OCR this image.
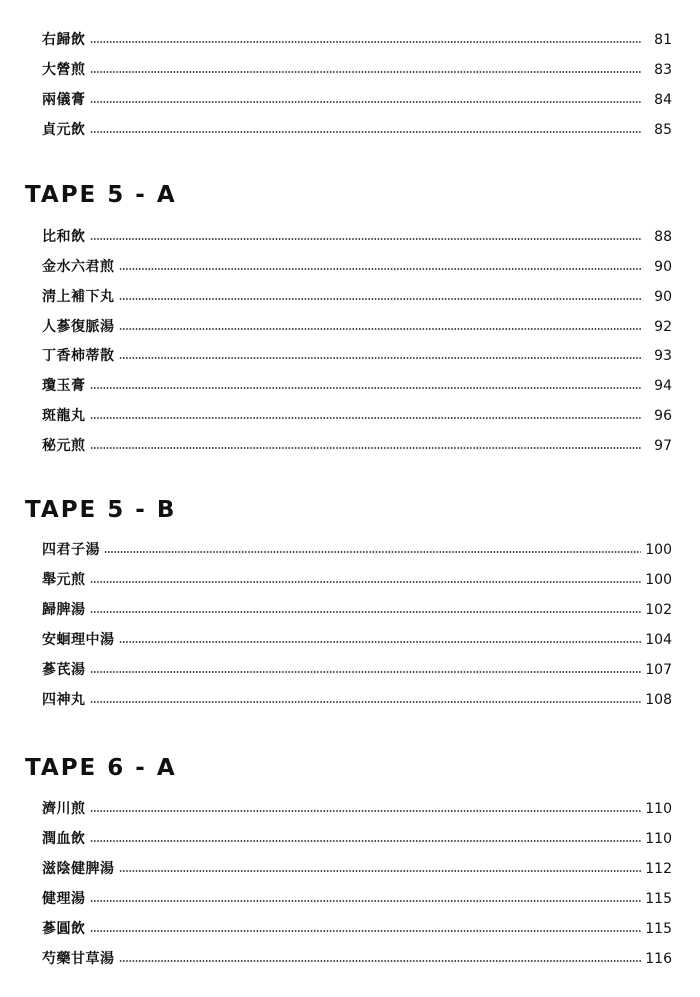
右歸飲	81
大營煎	83
兩儀膏	84
貞元飲	85
TAPE 5 - A
比和飲	88
金水六君煎	90
淸上補下丸	90
人蔘復脈湯	92
丁香柿蒂散	93
瓊玉膏	94
斑龍丸	96
秘元煎	97
TAPE 5 - B
四君子湯	100
舉元煎	100
歸脾湯	102
安蛔理中湯	104
蔘芪湯	107
四神丸	108
TAPE 6 - A
濟川煎	110
潤血飲	110
滋陰健脾湯	112
健理湯	115
蔘圓飲	115
芍藥甘草湯	116
